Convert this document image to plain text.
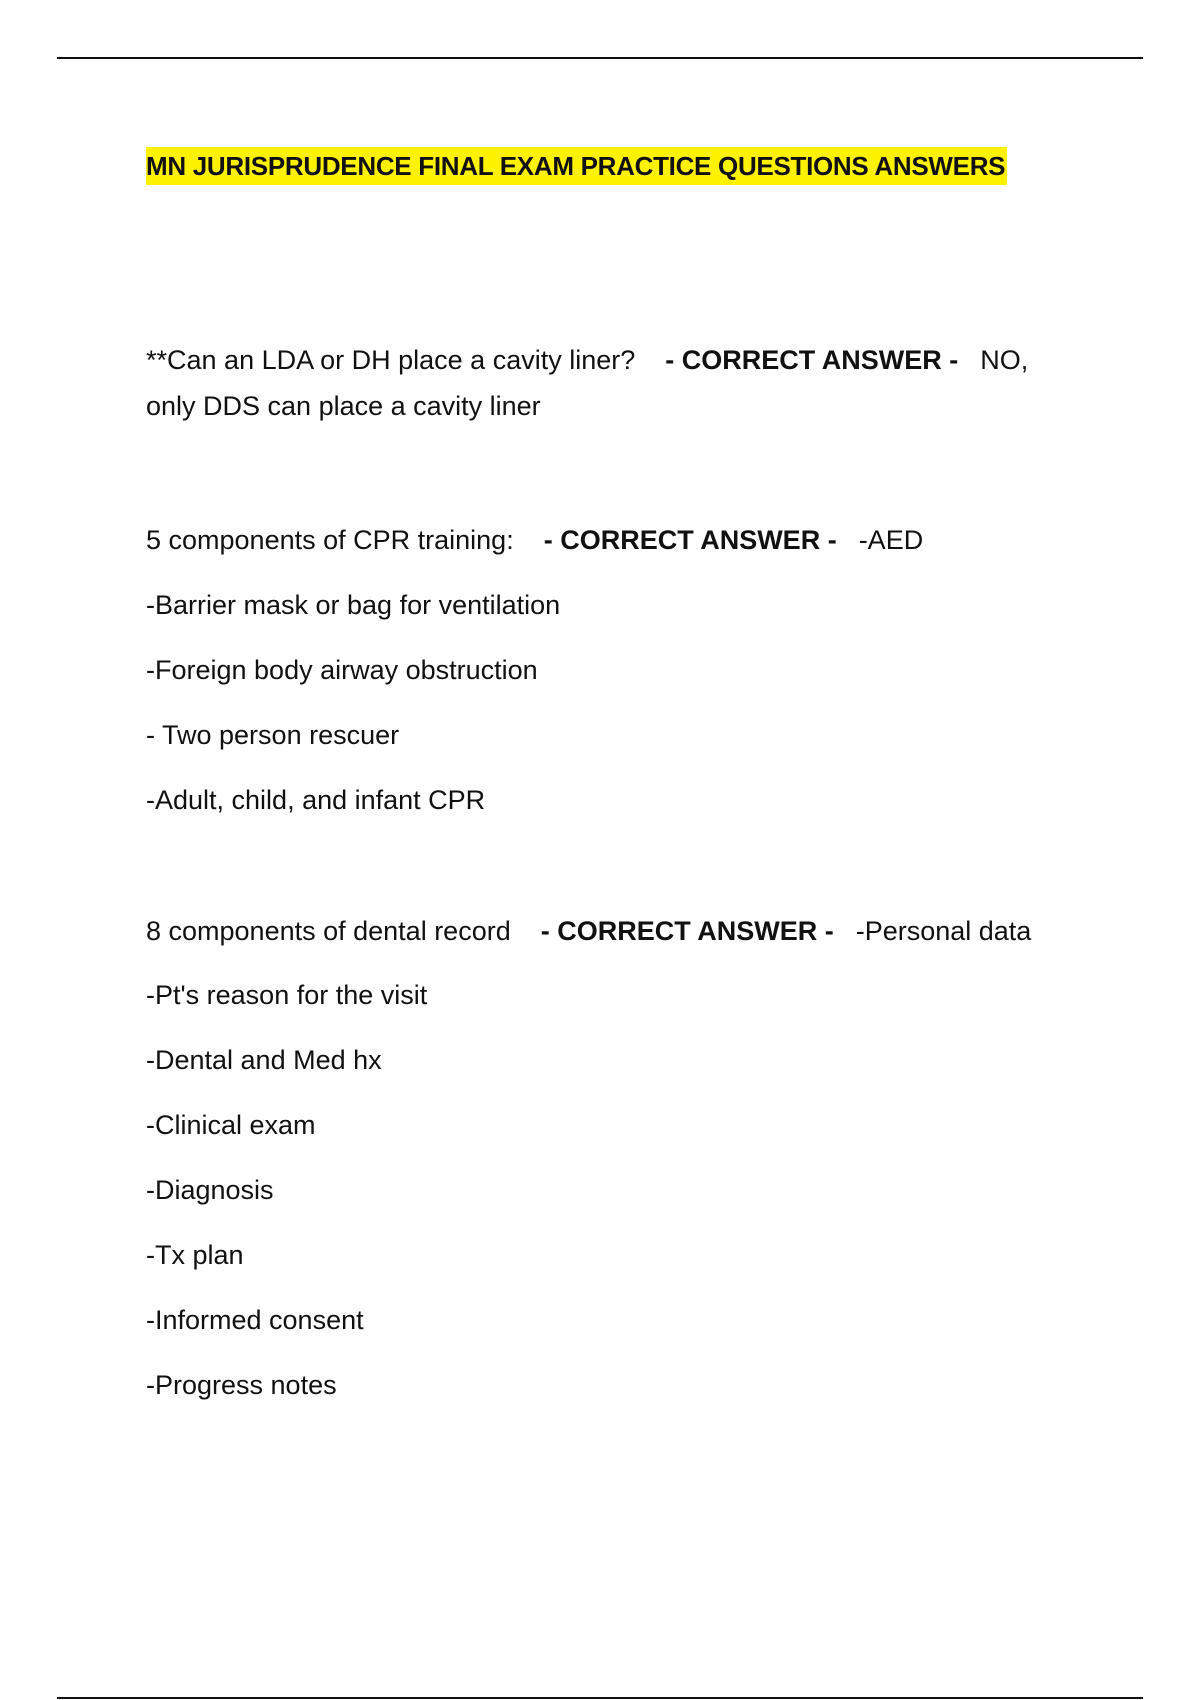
MN JURISPRUDENCE FINAL EXAM PRACTICE QUESTIONS ANSWERS
**Can an LDA or DH place a cavity liner? - CORRECT ANSWER - NO,
only DDS can place a cavity liner
5 components of CPR training: - CORRECT ANSWER - -AED
-Barrier mask or bag for ventilation
-Foreign body airway obstruction
- Two person rescuer
-Adult, child, and infant CPR
8 components of dental record - CORRECT ANSWER - -Personal data
-Pt's reason for the visit
-Dental and Med hx
-Clinical exam
-Diagnosis
-Tx plan
-Informed consent
-Progress notes
